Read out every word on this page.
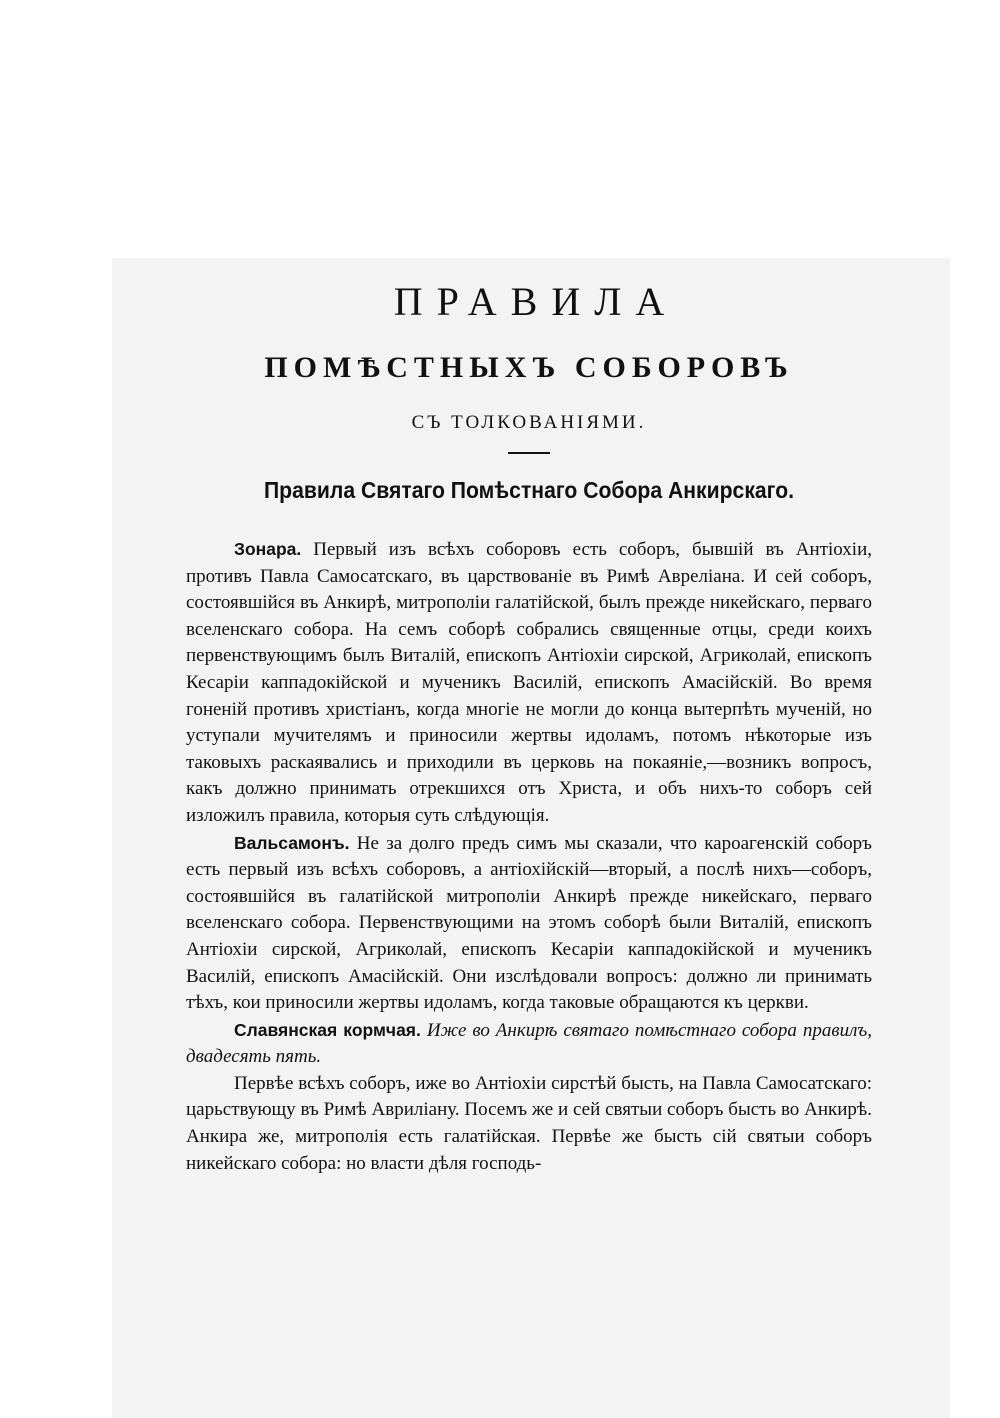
ПРАВИЛА
ПОМѢСТНЫХЪ СОБОРОВЪ
СЪ ТОЛКОВАНІЯМИ.
Правила Святаго Помѣстнаго Собора Анкирскаго.

Зонара. Первый изъ всѣхъ соборовъ есть соборъ, бывшій въ Антіохіи, противъ Павла Самосатскаго, въ царствованіе въ Римѣ Авреліана. И сей соборъ, состоявшійся въ Анкирѣ, митрополіи галатійской, былъ прежде никейскаго, перваго вселенскаго собора. На семъ соборѣ собрались священные отцы, среди коихъ первенствующимъ былъ Виталій, епископъ Антіохіи сирской, Агриколай, епископъ Кесаріи каппадокійской и мученикъ Василій, епископъ Амасійскій. Во время гоненій противъ христіанъ, когда многіе не могли до конца вытерпѣть мученій, но уступали мучителямъ и приносили жертвы идоламъ, потомъ нѣкоторые изъ таковыхъ раскаявались и приходили въ церковь на покаяніе,—возникъ вопросъ, какъ должно принимать отрекшихся отъ Христа, и объ нихъ-то соборъ сей изложилъ правила, которыя суть слѣдующія.

Вальсамонъ. Не за долго предъ симъ мы сказали, что кароагенскій соборъ есть первый изъ всѣхъ соборовъ, а антіохійскій—вторый, а послѣ нихъ—соборъ, состоявшійся въ галатійской митрополіи Анкирѣ прежде никейскаго, перваго вселенскаго собора. Первенствующими на этомъ соборѣ были Виталій, епископъ Антіохіи сирской, Агриколай, епископъ Кесаріи каппадокійской и мученикъ Василій, епископъ Амасійскій. Они изслѣдовали вопросъ: должно ли принимать тѣхъ, кои приносили жертвы идоламъ, когда таковые обращаются къ церкви.

Славянская кормчая. Иже во Анкирѣ святаго помѣстнаго собора правилъ, двадесять пять.

Первѣе всѣхъ соборъ, иже во Антіохіи сирстѣй бысть, на Павла Самосатскаго: царьствующу въ Римѣ Авриліану. Посемъ же и сей святыи соборъ бысть во Анкирѣ. Анкира же, митрополія есть галатійская. Первѣе же бысть сій святыи соборъ никейскаго собора: но власти дѣля господь-
